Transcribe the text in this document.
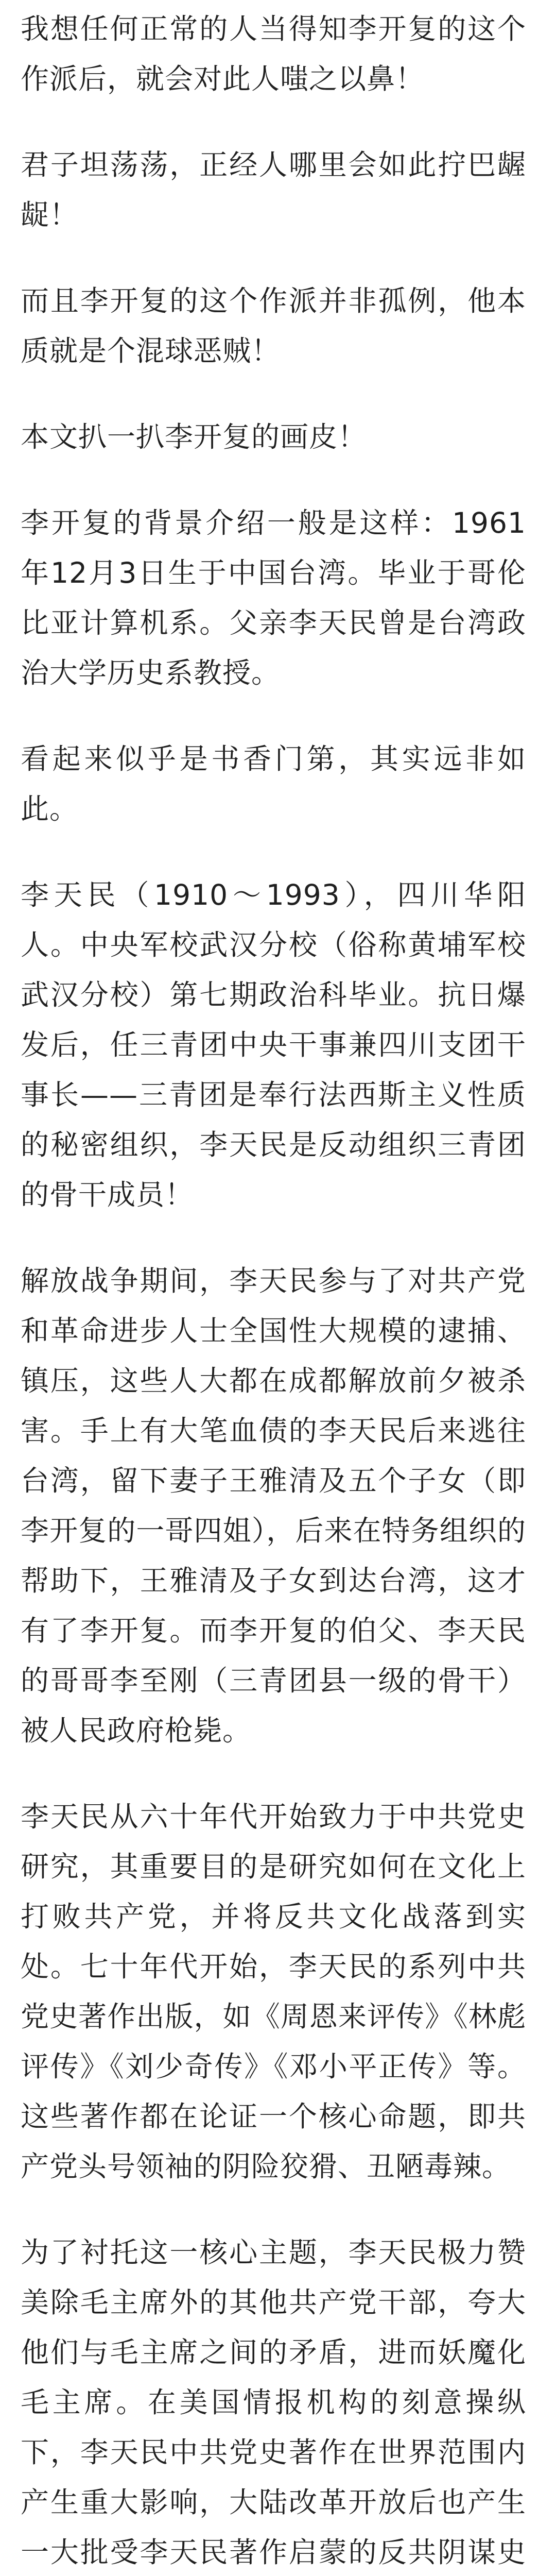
我想任何正常的人当得知李开复的这个作派后，就会对此人嗤之以鼻！

君子坦荡荡，正经人哪里会如此拧巴龌龊！

而且李开复的这个作派并非孤例，他本质就是个混球恶贼！

本文扒一扒李开复的画皮！

李开复的背景介绍一般是这样：1961年12月3日生于中国台湾。毕业于哥伦比亚计算机系。父亲李天民曾是台湾政治大学历史系教授。

看起来似乎是书香门第，其实远非如此。

李天民（1910～1993），四川华阳人。中央军校武汉分校（俗称黄埔军校武汉分校）第七期政治科毕业。抗日爆发后，任三青团中央干事兼四川支团干事长——三青团是奉行法西斯主义性质的秘密组织，李天民是反动组织三青团的骨干成员！

解放战争期间，李天民参与了对共产党和革命进步人士全国性大规模的逮捕、镇压，这些人大都在成都解放前夕被杀害。手上有大笔血债的李天民后来逃往台湾，留下妻子王雅清及五个子女（即李开复的一哥四姐），后来在特务组织的帮助下，王雅清及子女到达台湾，这才有了李开复。而李开复的伯父、李天民的哥哥李至刚（三青团县一级的骨干）被人民政府枪毙。

李天民从六十年代开始致力于中共党史研究，其重要目的是研究如何在文化上打败共产党，并将反共文化战落到实处。七十年代开始，李天民的系列中共党史著作出版，如《周恩来评传》《林彪评传》《刘少奇传》《邓小平正传》等。这些著作都在论证一个核心命题，即共产党头号领袖的阴险狡猾、丑陋毒辣。

为了衬托这一核心主题，李天民极力赞美除毛主席外的其他共产党干部，夸大他们与毛主席之间的矛盾，进而妖魔化毛主席。在美国情报机构的刻意操纵下，李天民中共党史著作在世界范围内产生重大影响，大陆改革开放后也产生一大批受李天民著作启蒙的反共阴谋史
